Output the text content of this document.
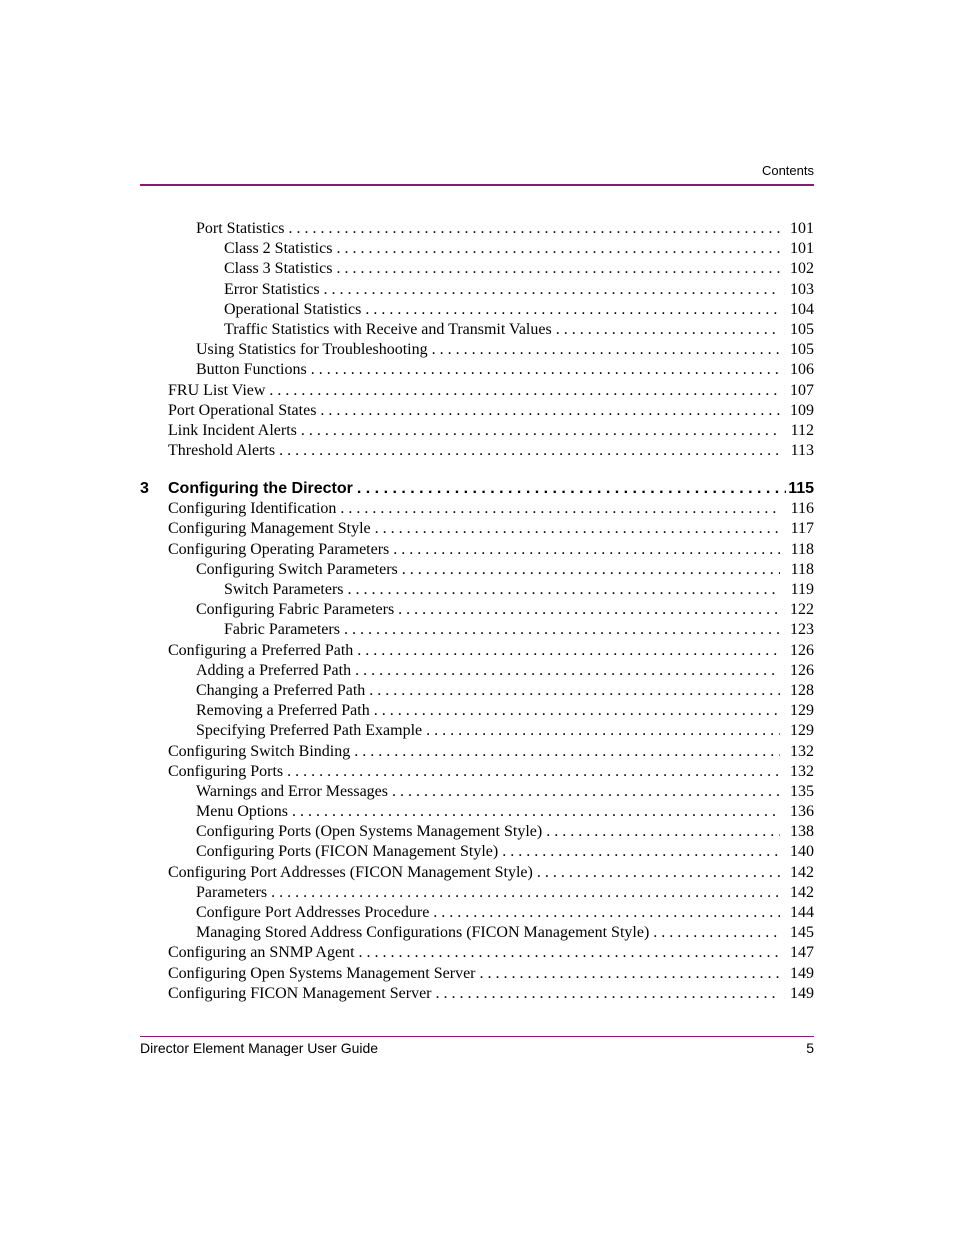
Contents
Port Statistics . . .	101
Class 2 Statistics . . .	101
Class 3 Statistics . . .	102
Error Statistics . . .	103
Operational Statistics . . .	104
Traffic Statistics with Receive and Transmit Values . . .	105
Using Statistics for Troubleshooting . . .	105
Button Functions . . .	106
FRU List View . . .	107
Port Operational States . . .	109
Link Incident Alerts . . .	112
Threshold Alerts . . .	113
3	Configuring the Director . . .	115
Configuring Identification . . .	116
Configuring Management Style . . .	117
Configuring Operating Parameters . . .	118
Configuring Switch Parameters . . .	118
Switch Parameters . . .	119
Configuring Fabric Parameters . . .	122
Fabric Parameters . . .	123
Configuring a Preferred Path . . .	126
Adding a Preferred Path . . .	126
Changing a Preferred Path . . .	128
Removing a Preferred Path . . .	129
Specifying Preferred Path Example . . .	129
Configuring Switch Binding . . .	132
Configuring Ports . . .	132
Warnings and Error Messages . . .	135
Menu Options . . .	136
Configuring Ports (Open Systems Management Style) . . .	138
Configuring Ports (FICON Management Style) . . .	140
Configuring Port Addresses (FICON Management Style) . . .	142
Parameters . . .	142
Configure Port Addresses Procedure . . .	144
Managing Stored Address Configurations (FICON Management Style) . . .	145
Configuring an SNMP Agent . . .	147
Configuring Open Systems Management Server . . .	149
Configuring FICON Management Server . . .	149
Director Element Manager User Guide	5
